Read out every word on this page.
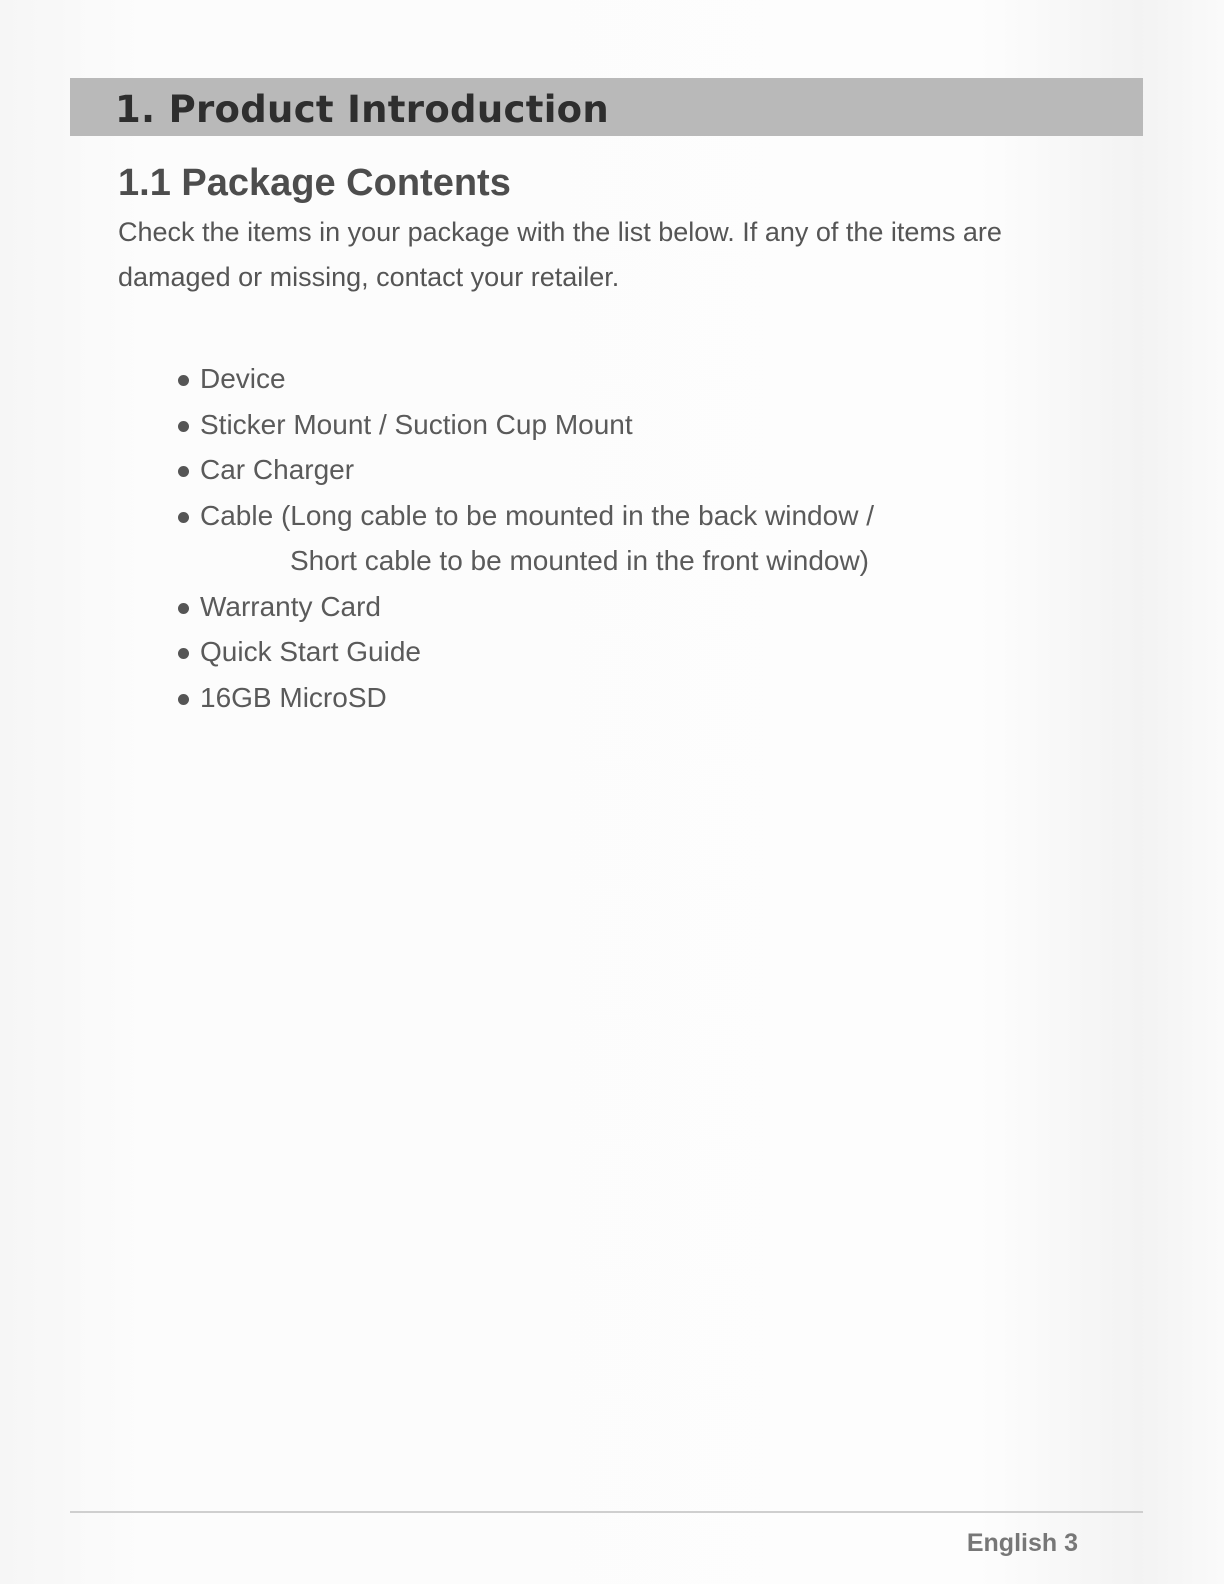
1. Product Introduction
1.1 Package Contents

Check the items in your package with the list below. If any of the items are damaged or missing, contact your retailer.

Device
Sticker Mount / Suction Cup Mount
Car Charger
Cable (Long cable to be mounted in the back window /
Short cable to be mounted in the front window)
Warranty Card
Quick Start Guide
16GB MicroSD

English 3
